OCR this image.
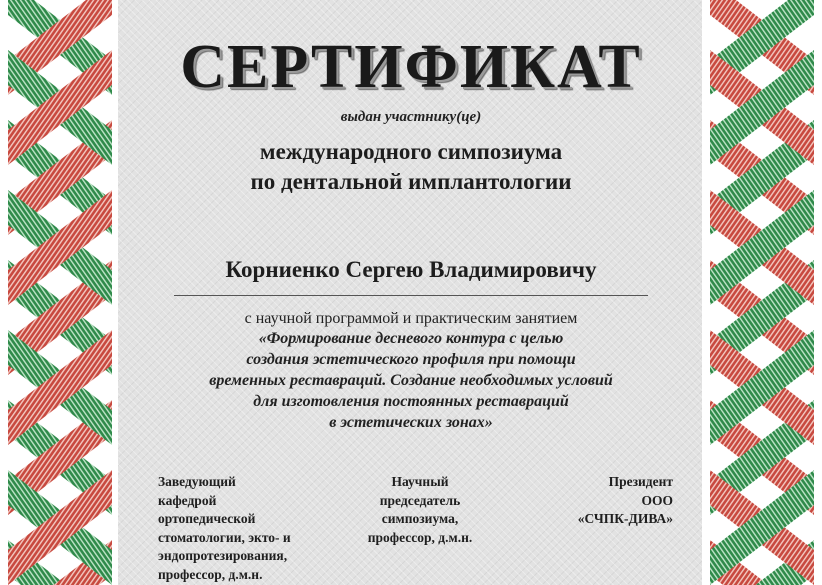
СЕРТИФИКАТ
выдан участнику(це)
международного симпозиума
по дентальной имплантологии
Корниенко Сергею Владимировичу
с научной программой и практическим занятием
«Формирование десневого контура с целью
создания эстетического профиля при помощи
временных реставраций. Создание необходимых условий
для изготовления постоянных реставраций
в эстетических зонах»
Заведующий
кафедрой
ортопедической
стоматологии, экто- и
эндопротезирования,
профессор, д.м.н.
Научный
председатель
симпозиума,
профессор, д.м.н.
Президент
ООО
«СЧПК-ДИВА»
